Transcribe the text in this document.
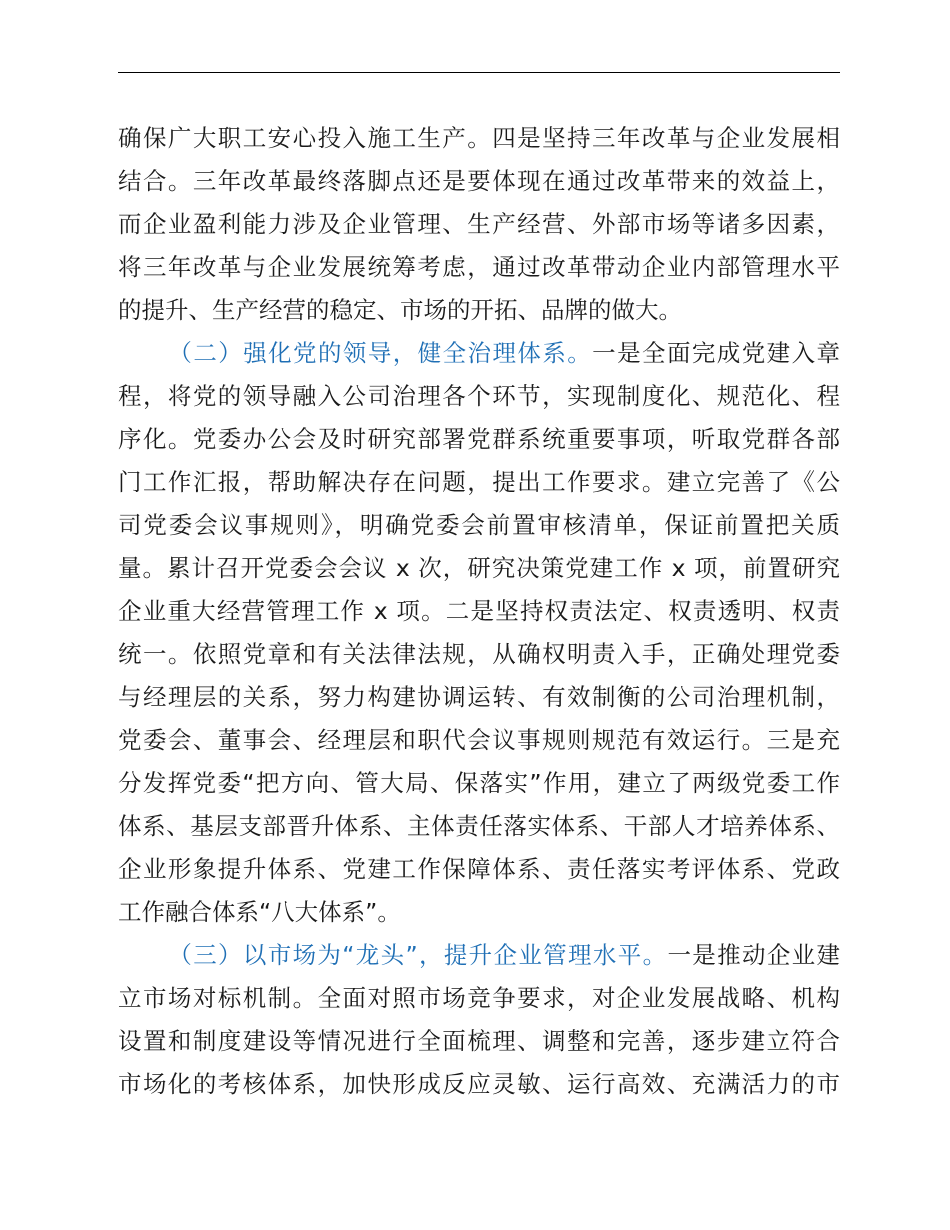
确保广大职工安心投入施工生产。四是坚持三年改革与企业发展相
结合。三年改革最终落脚点还是要体现在通过改革带来的效益上，
而企业盈利能力涉及企业管理、生产经营、外部市场等诸多因素，
将三年改革与企业发展统筹考虑，通过改革带动企业内部管理水平
的提升、生产经营的稳定、市场的开拓、品牌的做大。
（二）强化党的领导，健全治理体系。一是全面完成党建入章
程，将党的领导融入公司治理各个环节，实现制度化、规范化、程
序化。党委办公会及时研究部署党群系统重要事项，听取党群各部
门工作汇报，帮助解决存在问题，提出工作要求。建立完善了《公
司党委会议事规则》，明确党委会前置审核清单，保证前置把关质
量。累计召开党委会会议 x 次，研究决策党建工作 x 项，前置研究
企业重大经营管理工作 x 项。二是坚持权责法定、权责透明、权责
统一。依照党章和有关法律法规，从确权明责入手，正确处理党委
与经理层的关系，努力构建协调运转、有效制衡的公司治理机制，
党委会、董事会、经理层和职代会议事规则规范有效运行。三是充
分发挥党委“把方向、管大局、保落实”作用，建立了两级党委工作
体系、基层支部晋升体系、主体责任落实体系、干部人才培养体系、
企业形象提升体系、党建工作保障体系、责任落实考评体系、党政
工作融合体系“八大体系”。
（三）以市场为“龙头”，提升企业管理水平。一是推动企业建
立市场对标机制。全面对照市场竞争要求，对企业发展战略、机构
设置和制度建设等情况进行全面梳理、调整和完善，逐步建立符合
市场化的考核体系，加快形成反应灵敏、运行高效、充满活力的市
